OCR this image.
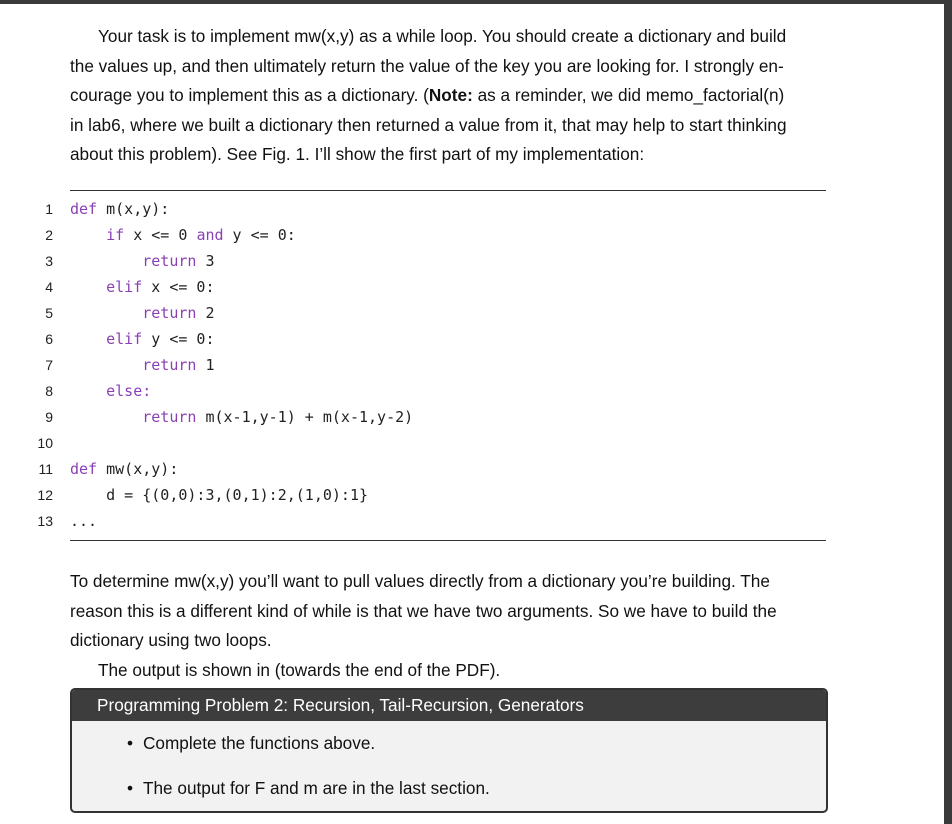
Your task is to implement mw(x,y) as a while loop. You should create a dictionary and build
the values up, and then ultimately return the value of the key you are looking for. I strongly en-
courage you to implement this as a dictionary. (Note: as a reminder, we did memo_factorial(n)
in lab6, where we built a dictionary then returned a value from it, that may help to start thinking
about this problem). See Fig. 1. I’ll show the first part of my implementation:
1 def m(x,y):
2	if x <= 0 and y <= 0:
3	return 3
4	elif x <= 0:
5	return 2
6	elif y <= 0:
7	return 1
8	else:
9	return m(x-1,y-1) + m(x-1,y-2)
10
11 def mw(x,y):
12	d = {(0,0):3,(0,1):2,(1,0):1}
13 ...
To determine mw(x,y) you’ll want to pull values directly from a dictionary you’re building. The
reason this is a different kind of while is that we have two arguments. So we have to build the
dictionary using two loops.
The output is shown in (towards the end of the PDF).
Programming Problem 2: Recursion, Tail-Recursion, Generators
• Complete the functions above.
• The output for F and m are in the last section.
